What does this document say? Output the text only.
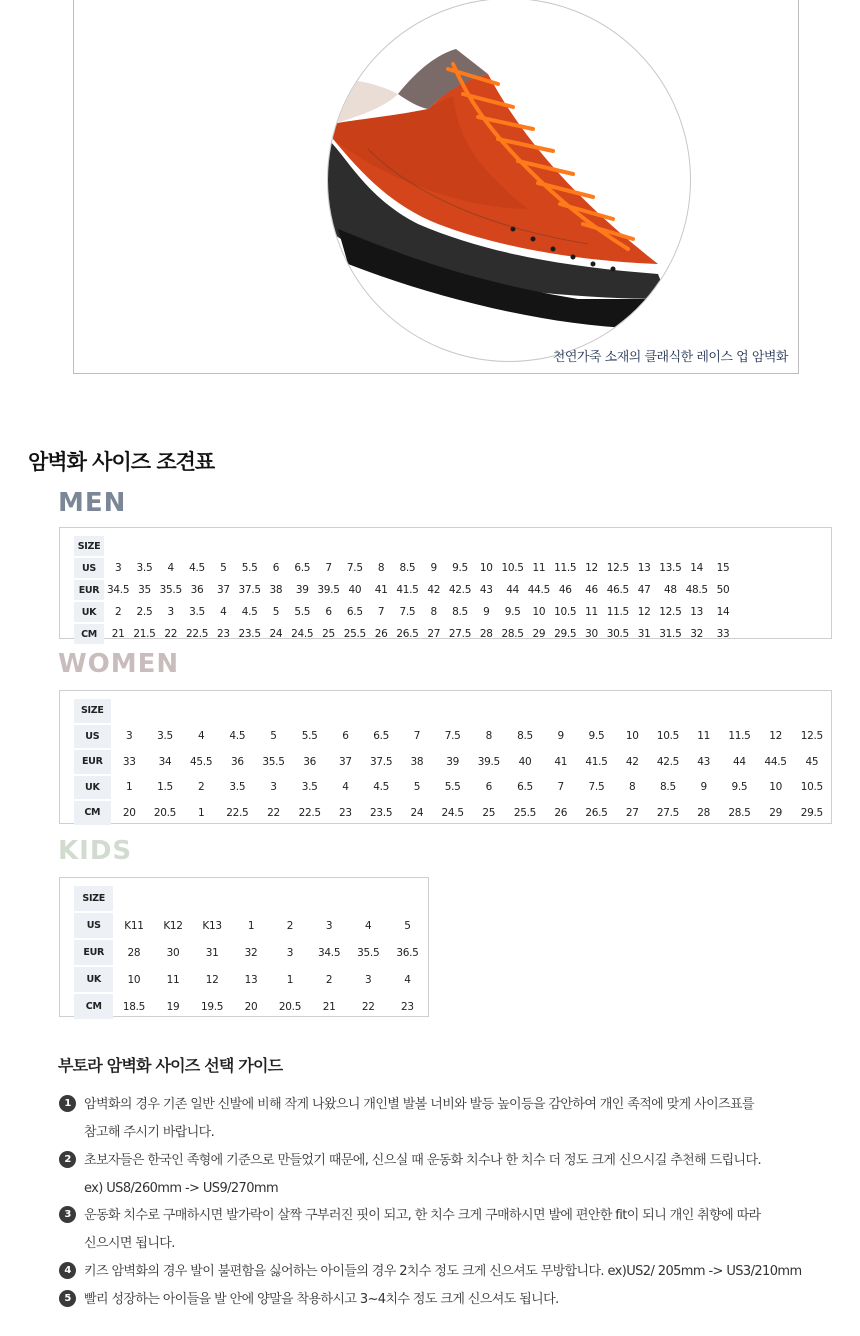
천연가죽 소재의 클래식한 레이스 업 암벽화
암벽화 사이즈 조견표
MEN
SIZE																								
US	3	3.5	4	4.5	5	5.5	6	6.5	7	7.5	8	8.5	9	9.5	10	10.5	11	11.5	12	12.5	13	13.5	14	15
EUR	34.5	35	35.5	36	37	37.5	38	39	39.5	40	41	41.5	42	42.5	43	44	44.5	46	46	46.5	47	48	48.5	50
UK	2	2.5	3	3.5	4	4.5	5	5.5	6	6.5	7	7.5	8	8.5	9	9.5	10	10.5	11	11.5	12	12.5	13	14
CM	21	21.5	22	22.5	23	23.5	24	24.5	25	25.5	26	26.5	27	27.5	28	28.5	29	29.5	30	30.5	31	31.5	32	33
WOMEN
SIZE																				
US	3	3.5	4	4.5	5	5.5	6	6.5	7	7.5	8	8.5	9	9.5	10	10.5	11	11.5	12	12.5
EUR	33	34	45.5	36	35.5	36	37	37.5	38	39	39.5	40	41	41.5	42	42.5	43	44	44.5	45
UK	1	1.5	2	3.5	3	3.5	4	4.5	5	5.5	6	6.5	7	7.5	8	8.5	9	9.5	10	10.5
CM	20	20.5	1	22.5	22	22.5	23	23.5	24	24.5	25	25.5	26	26.5	27	27.5	28	28.5	29	29.5
KIDS
SIZE								
US	K11	K12	K13	1	2	3	4	5
EUR	28	30	31	32	3	34.5	35.5	36.5
UK	10	11	12	13	1	2	3	4
CM	18.5	19	19.5	20	20.5	21	22	23
부토라 암벽화 사이즈 선택 가이드
1 암벽화의 경우 기존 일반 신발에 비해 작게 나왔으니 개인별 발볼 너비와 발등 높이등을 감안하여 개인 족적에 맞게 사이즈표를
참고해 주시기 바랍니다.
2 초보자들은 한국인 족형에 기준으로 만들었기 때문에, 신으실 때 운동화 치수나 한 치수 더 정도 크게 신으시길 추천해 드립니다.
ex) US8/260mm -> US9/270mm
3 운동화 치수로 구매하시면 발가락이 살짝 구부러진 핏이 되고, 한 치수 크게 구매하시면 발에 편안한 fit이 되니 개인 취향에 따라
신으시면 됩니다.
4 키즈 암벽화의 경우 발이 불편함을 싫어하는 아이들의 경우 2치수 정도 크게 신으셔도 무방합니다. ex)US2/ 205mm -> US3/210mm
5 빨리 성장하는 아이들을 발 안에 양말을 착용하시고 3~4치수 정도 크게 신으셔도 됩니다.
